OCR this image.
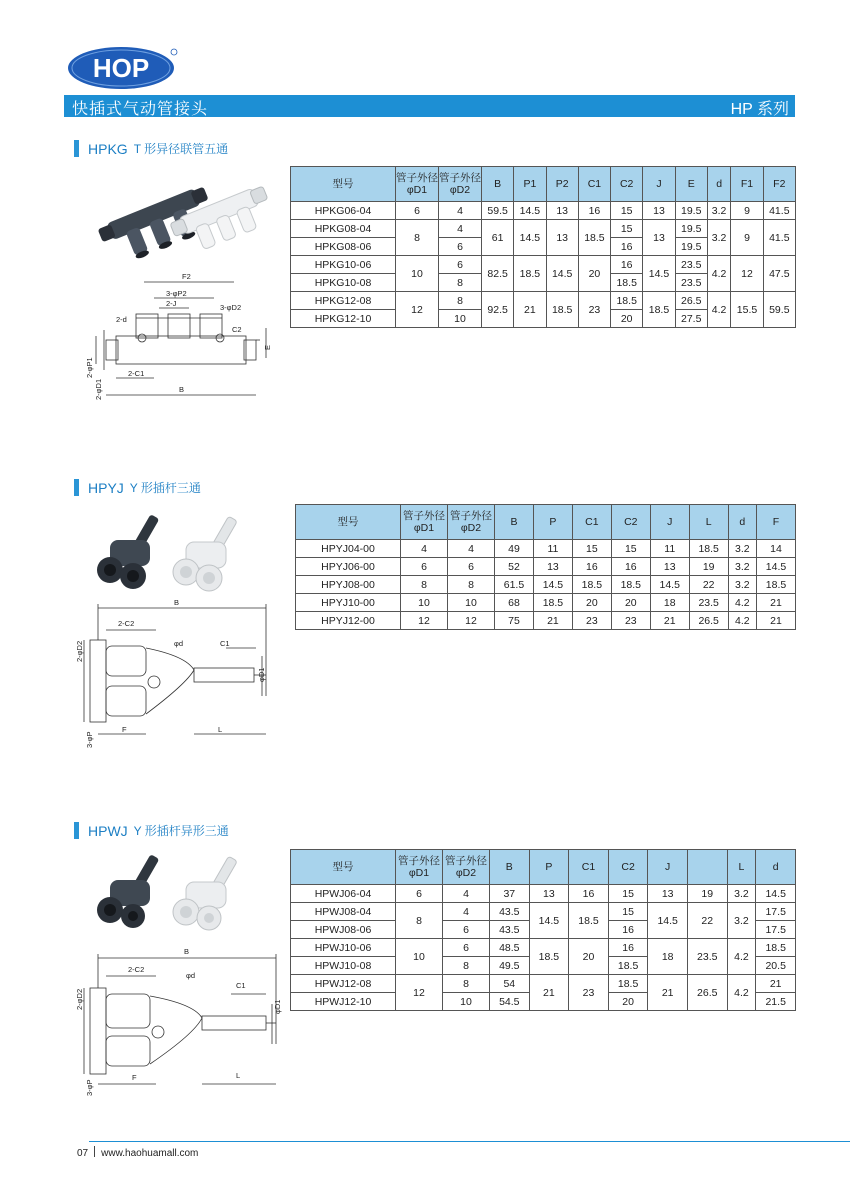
HOP
快插式气动管接头	HP 系列
HPKG T 形异径联管五通
F2
3-φP2
2-J	3-φD2
2-d
C2
E
2-φP1
2-φD1
2-C1
B
型号	管子外径 φD1	管子外径 φD2	B	P1	P2	C1	C2	J	E	d	F1	F2
HPKG06-04	6	4	59.5	14.5	13	16	15	13	19.5	3.2	9	41.5
HPKG08-04	8	4	61	14.5	13	18.5	15	13	19.5	3.2	9	41.5
HPKG08-06		6					16		19.5			
HPKG10-06	10	6	82.5	18.5	14.5	20	16	14.5	23.5	4.2	12	47.5
HPKG10-08		8					18.5		23.5			
HPKG12-08	12	8	92.5	21	18.5	23	18.5	18.5	26.5	4.2	15.5	59.5
HPKG12-10		10					20		27.5			
HPYJ Y 形插杆三通
B
2-C2
φd	C1
2-φD2
φD1
3-φP
F	L
型号	管子外径 φD1	管子外径 φD2	B	P	C1	C2	J	L	d	F
HPYJ04-00	4	4	49	11	15	15	11	18.5	3.2	14
HPYJ06-00	6	6	52	13	16	16	13	19	3.2	14.5
HPYJ08-00	8	8	61.5	14.5	18.5	18.5	14.5	22	3.2	18.5
HPYJ10-00	10	10	68	18.5	20	20	18	23.5	4.2	21
HPYJ12-00	12	12	75	21	23	23	21	26.5	4.2	21
HPWJ Y 形插杆异形三通
B
2-C2
φd
C1
2-φD2	φD1
3-φP
F	L
型号	管子外径 φD1	管子外径 φD2	B	P	C1	C2	J		L	d
HPWJ06-04	6	4	37	13	16	15	13	19	3.2	14.5
HPWJ08-04	8	4	43.5	14.5	18.5	15	14.5	22	3.2	17.5
HPWJ08-06		6	43.5			16				17.5
HPWJ10-06	10	6	48.5	18.5	20	16	18	23.5	4.2	18.5
HPWJ10-08		8	49.5			18.5				20.5
HPWJ12-08	12	8	54	21	23	18.5	21	26.5	4.2	21
HPWJ12-10		10	54.5			20				21.5
07 www.haohuamall.com
